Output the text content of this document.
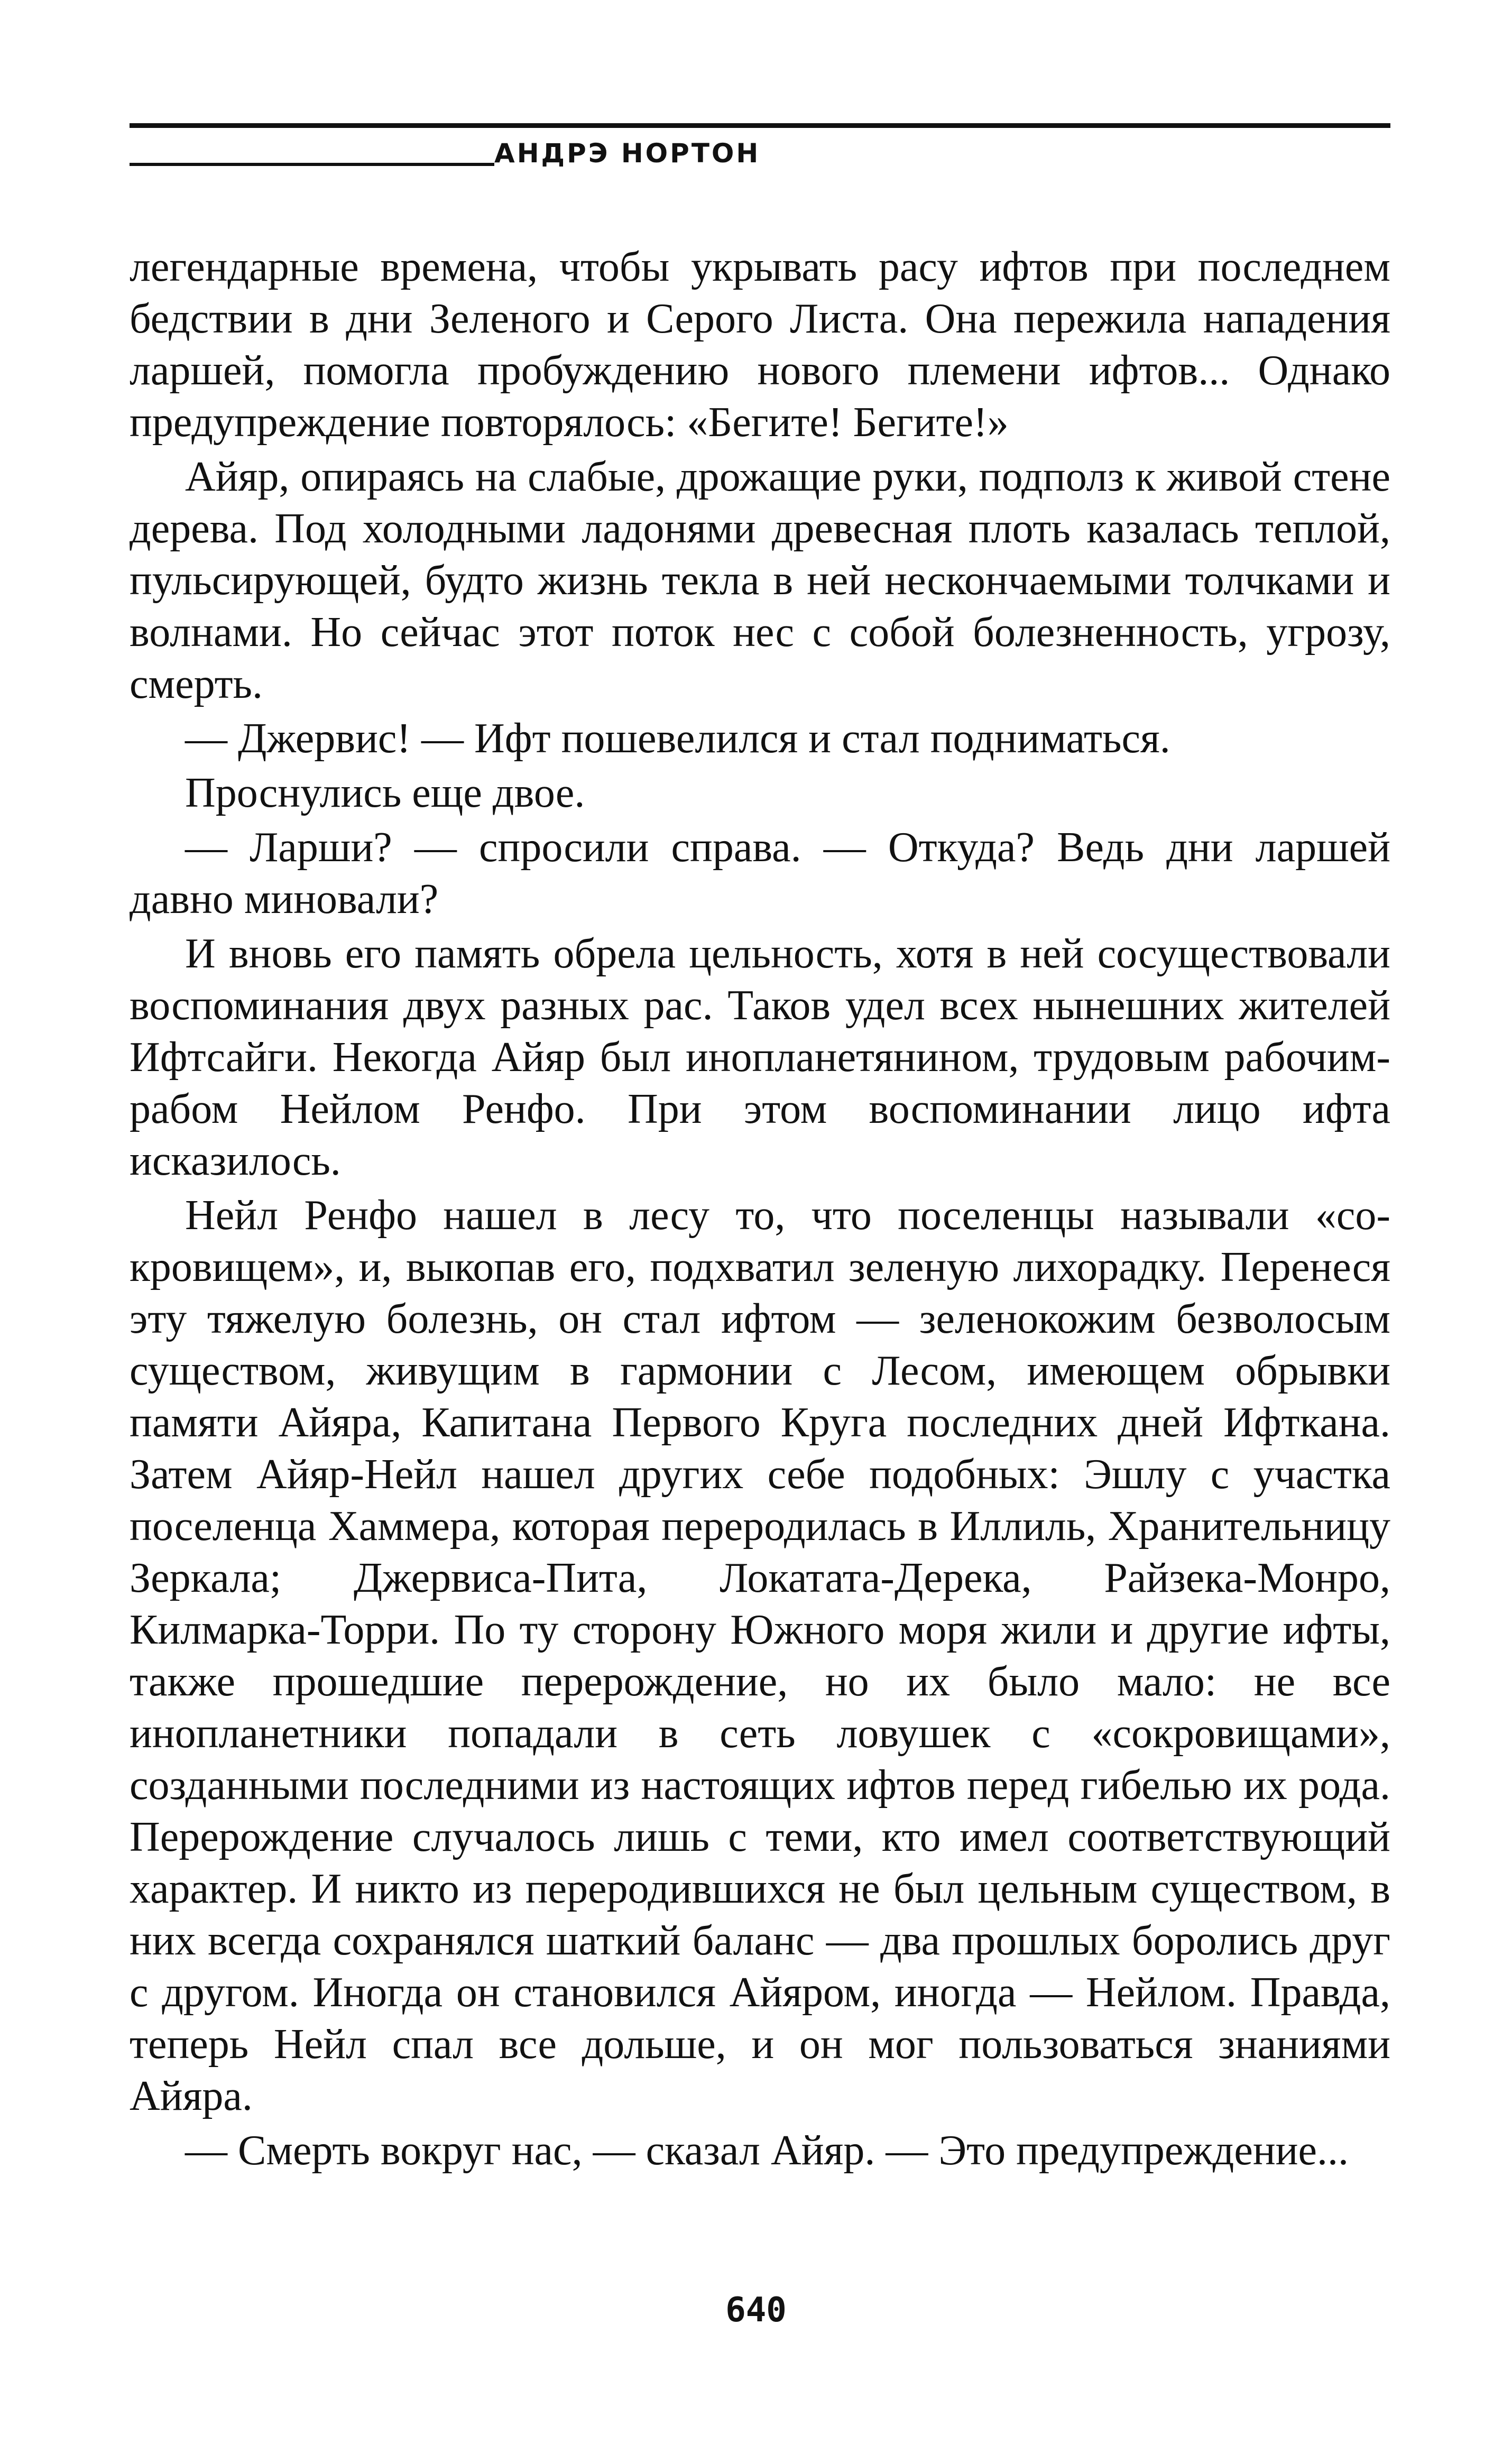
АНДРЭ НОРТОН

легендарные времена, чтобы укрывать расу ифтов при последнем бедствии в дни Зеленого и Серого Листа. Она пережила нападения ларшей, помогла пробуждению нового племени ифтов... Однако предупреждение повторялось: «Бегите! Бегите!»

Айяр, опираясь на слабые, дрожащие руки, подполз к живой стене дерева. Под холодными ладонями древесная плоть казалась теплой, пульсирующей, будто жизнь текла в ней нескончaемыми толчками и волнами. Но сейчас этот поток нес с собой болезненность, угрозу, смерть.

— Джервис! — Ифт пошевелился и стал подниматься.

Проснулись еще двое.

— Ларши? — спросили справа. — Откуда? Ведь дни ларшей давно миновали?

И вновь его память обрела цельность, хотя в ней сосуществовали воспоминания двух разных рас. Таков удел всех нынешних жителей Ифтсайги. Некогда Айяр был инопланетянином, трудовым рабочим-рабом Нейлом Ренфо. При этом воспоминании лицо ифта исказилось.

Нейл Ренфо нашел в лесу то, что поселенцы называли «сокровищем», и, выкопав его, подхватил зеленую лихорадку. Перенеся эту тяжелую болезнь, он стал ифтом — зеленокожим безволосым существом, живущим в гармонии с Лесом, имеющем обрывки памяти Айяра, Капитана Первого Круга последних дней Ифткана. Затем Айяр-Нейл нашел других себе подобных: Эшлу с участка поселенца Хаммера, которая переродилась в Иллиль, Хранительницу Зеркала; Джервиса-Пита, Локатата-Дерека, Райзека-Монро, Килмарка-Торри. По ту сторону Южного моря жили и другие ифты, также прошедшие перерождение, но их было мало: не все инопланетники попадали в сеть ловушек с «сокровищами», созданными последними из настоящих ифтов перед гибелью их рода. Перерождение случалось лишь с теми, кто имел соответствующий характер. И никто из переродившихся не был цельным существом, в них всегда сохранялся шаткий баланс — два прошлых боролись друг с другом. Иногда он становился Айяром, иногда — Нейлом. Правда, теперь Нейл спал все дольше, и он мог пользоваться знаниями Айяра.

— Смерть вокруг нас, — сказал Айяр. — Это предупреждение...

640
